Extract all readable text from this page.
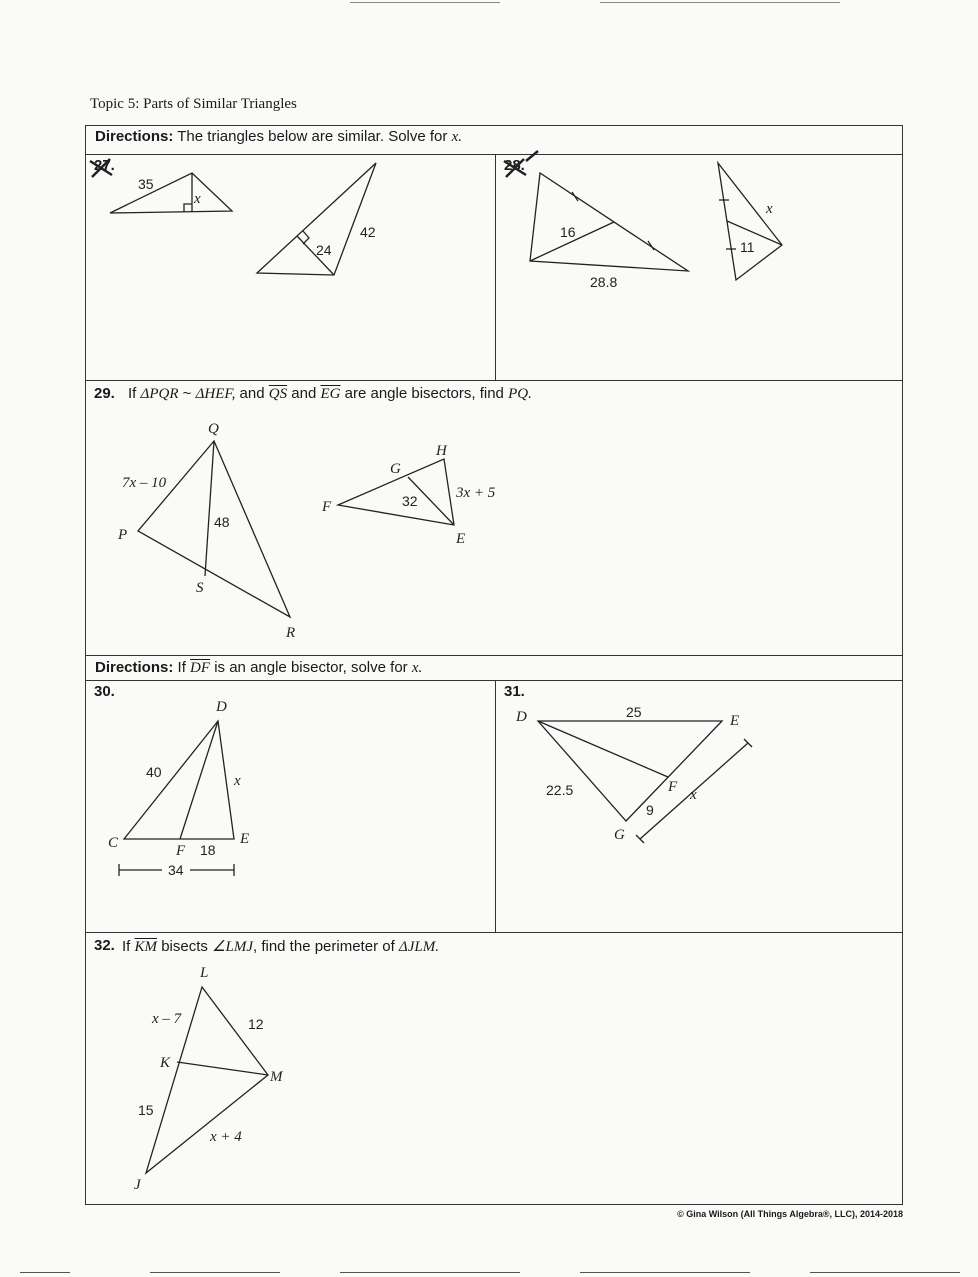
Topic 5: Parts of Similar Triangles
Directions: The triangles below are similar. Solve for x.
27.
35
x
24
42
28.
16
28.8
x
11
29. If ΔPQR ~ ΔHEF, and $\overline{QS}$ and $\overline{EG}$ are angle bisectors, find PQ.
Q
P
S
R
7x – 10
48
G
H
F
E
32	3x + 5
Directions: If $\overline{DF}$ is an angle bisector, solve for x.
30.
D
C	F
E
40
x
18
34
31.
D	E
F
G
25
22.5
9
x
32. If $\overline{KM}$ bisects ∠LMJ, find the perimeter of ΔJLM.
L
K
M
J
x – 7	12
15
x + 4
© Gina Wilson (All Things Algebra®, LLC), 2014-2018
